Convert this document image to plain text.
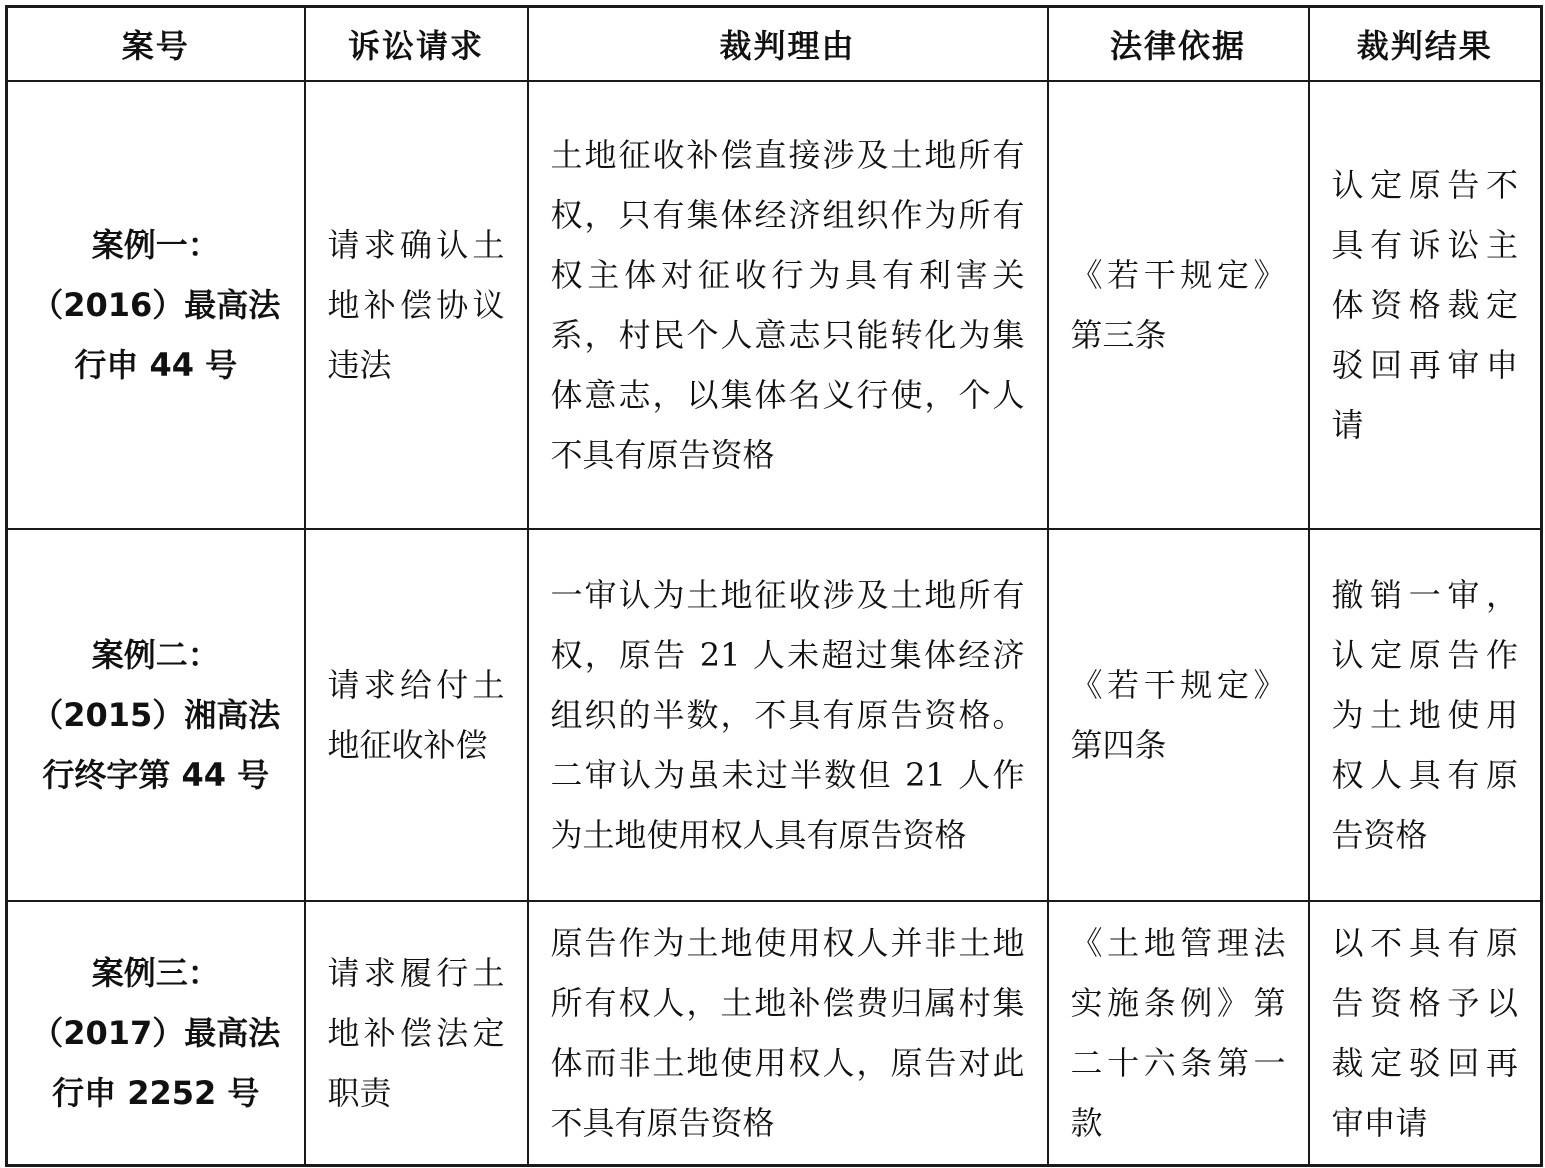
案号	诉讼请求	裁判理由	法律依据	裁判结果

案例一：
（2016）最高法
行申 44 号	请求确认土地补偿协议违法	土地征收补偿直接涉及土地所有权，只有集体经济组织作为所有权主体对征收行为具有利害关系，村民个人意志只能转化为集体意志，以集体名义行使，个人不具有原告资格	《若干规定》第三条	认定原告不具有诉讼主体资格裁定驳回再审申请

案例二：
（2015）湘高法
行终字第 44 号	请求给付土地征收补偿	一审认为土地征收涉及土地所有权，原告 21 人未超过集体经济组织的半数，不具有原告资格。二审认为虽未过半数但 21 人作为土地使用权人具有原告资格	《若干规定》第四条	撤销一审，认定原告作为土地使用权人具有原告资格

案例三：
（2017）最高法
行申 2252 号	请求履行土地补偿法定职责	原告作为土地使用权人并非土地所有权人，土地补偿费归属村集体而非土地使用权人，原告对此不具有原告资格	《土地管理法实施条例》第二十六条第一款	以不具有原告资格予以裁定驳回再审申请
